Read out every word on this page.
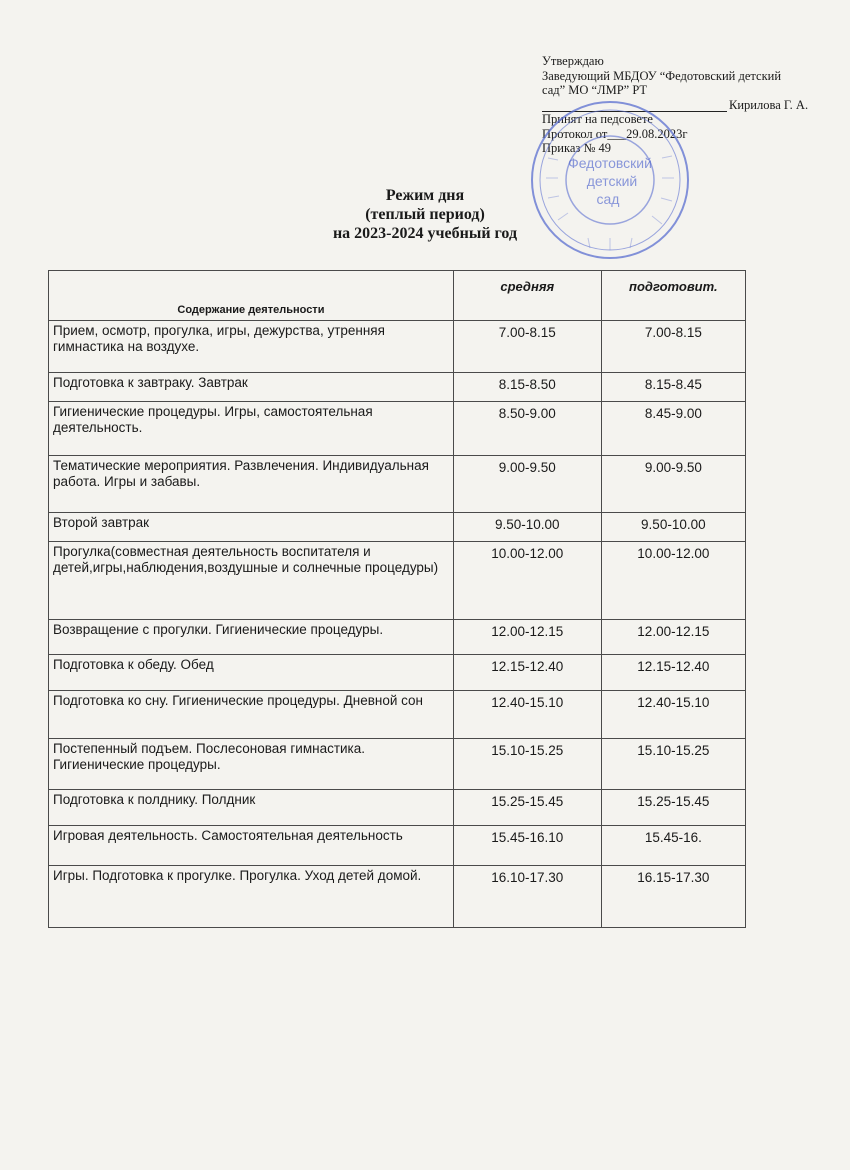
Утверждаю
Заведующий МБДОУ “Федотовский детский
сад” МО “ЛМР” РТ
Кирилова Г. А.
Принят на педсовете
Протокол от___29.08.2023г
Приказ № 49
Федотовский
детский
сад
Режим дня
(теплый период)
на 2023-2024 учебный год
Содержание деятельности	средняя	подготовит.
Прием, осмотр, прогулка, игры, дежурства, утренняя гимнастика на воздухе.	7.00-8.15	7.00-8.15
Подготовка к завтраку. Завтрак	8.15-8.50	8.15-8.45
Гигиенические процедуры. Игры, самостоятельная деятельность.	8.50-9.00	8.45-9.00
Тематические мероприятия. Развлечения. Индивидуальная работа. Игры и забавы.	9.00-9.50	9.00-9.50
Второй завтрак	9.50-10.00	9.50-10.00
Прогулка(совместная деятельность воспитателя и детей,игры,наблюдения,воздушные и солнечные процедуры)	10.00-12.00	10.00-12.00
Возвращение с прогулки. Гигиенические процедуры.	12.00-12.15	12.00-12.15
Подготовка к обеду. Обед	12.15-12.40	12.15-12.40
Подготовка ко сну. Гигиенические процедуры. Дневной сон	12.40-15.10	12.40-15.10
Постепенный подъем. Послесоновая гимнастика. Гигиенические процедуры.	15.10-15.25	15.10-15.25
Подготовка к полднику. Полдник	15.25-15.45	15.25-15.45
Игровая деятельность. Самостоятельная деятельность	15.45-16.10	15.45-16.
Игры. Подготовка к прогулке. Прогулка. Уход детей домой.	16.10-17.30	16.15-17.30
